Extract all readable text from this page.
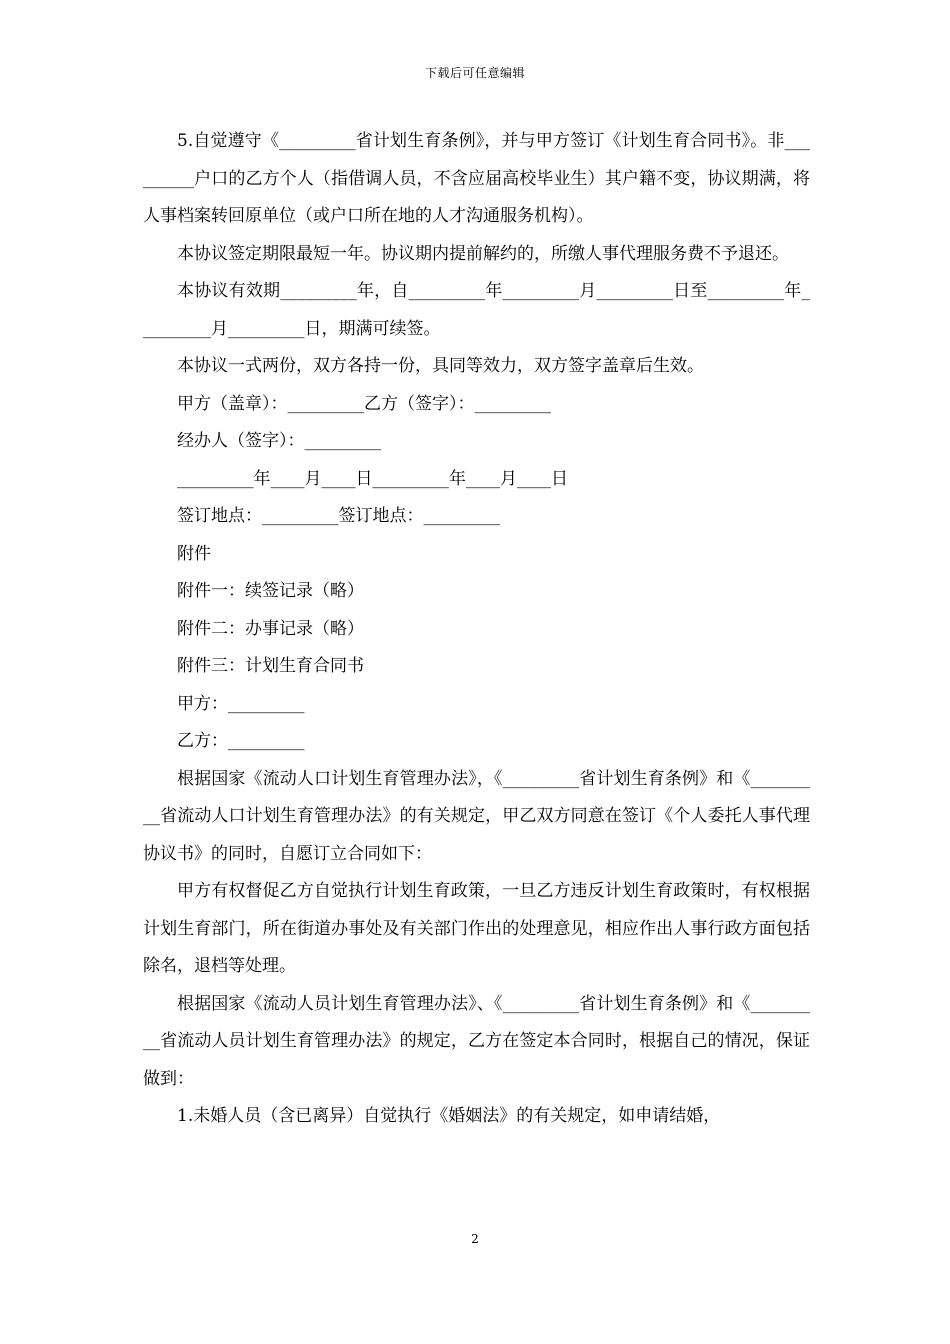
下载后可任意编辑

5.自觉遵守《_________省计划生育条例》，并与甲方签订《计划生育合同书》。非_________户口的乙方个人（指借调人员，不含应届高校毕业生）其户籍不变，协议期满，将人事档案转回原单位（或户口所在地的人才沟通服务机构）。

本协议签定期限最短一年。协议期内提前解约的，所缴人事代理服务费不予退还。

本协议有效期_________年，自_________年_________月_________日至_________年_________月_________日，期满可续签。

本协议一式两份，双方各持一份，具同等效力，双方签字盖章后生效。

甲方（盖章）：_________乙方（签字）：_________

经办人（签字）：_________

_________年____月____日_________年____月____日

签订地点：_________签订地点：_________

附件

附件一：续签记录（略）

附件二：办事记录（略）

附件三：计划生育合同书

甲方：_________

乙方：_________

根据国家《流动人口计划生育管理办法》，《_________省计划生育条例》和《_________省流动人口计划生育管理办法》的有关规定，甲乙双方同意在签订《个人委托人事代理协议书》的同时，自愿订立合同如下：

甲方有权督促乙方自觉执行计划生育政策，一旦乙方违反计划生育政策时，有权根据计划生育部门，所在街道办事处及有关部门作出的处理意见，相应作出人事行政方面包括除名，退档等处理。

根据国家《流动人员计划生育管理办法》、《_________省计划生育条例》和《_________省流动人员计划生育管理办法》的规定，乙方在签定本合同时，根据自己的情况，保证做到：

1.未婚人员（含已离异）自觉执行《婚姻法》的有关规定，如申请结婚，

2
